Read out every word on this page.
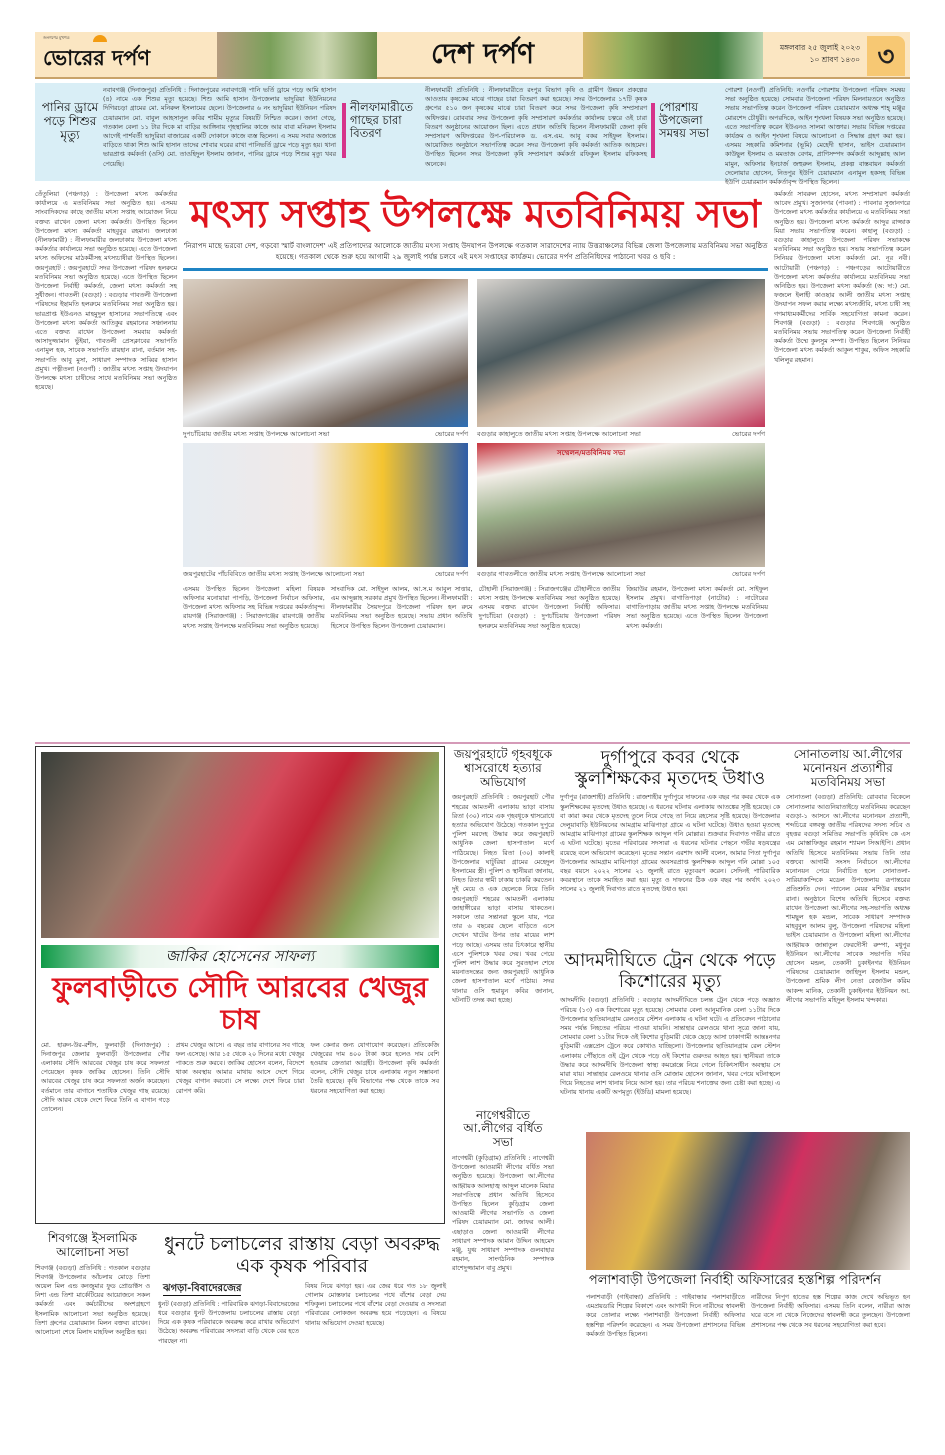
জনগণের মুখপত্র
ভোরের দর্পণ	দেশ দর্পণ	মঙ্গলবার ২৫ জুলাই ২০২৩
১০ শ্রাবণ ১৪৩০ ৩
পানির ড্রামে পড়ে শিশুর মৃত্যু
নবাবগঞ্জ (দিনাজপুর) প্রতিনিধি : দিনাজপুরের নবাবগঞ্জে পানি ভর্তি ড্রামে পড়ে আমি হাসান (৪) নামে এক শিশুর মৃত্যু হয়েছে। শিশু আমি হাসান উপজেলার ভাদুরিয়া ইউনিয়নের দিগিরচড়া গ্রামের মো. মনিরুল ইসলামের ছেলে। উপজেলার ৬ নং ভাদুরিয়া ইউনিয়ন পরিষদ চেয়ারম্যান মো. বাবুল আহসানুল কবির শামীম মৃত্যুর বিষয়টি নিশ্চিত করেন। জানা গেছে, গতকাল বেলা ১১ টার দিকে মা বাড়ির আঙ্গিনায় গৃহস্থালির কাজে আর বাবা মনিরুল ইসলাম আগেই পার্শবর্তী ভাদুরিয়া বাজারের একটি দোকানে কাজে ব্যস্ত ছিলেন। এ সময় সবার অজান্তে বাড়িতে থাকা শিশু আমি হাসান তাদের শোবার ঘরের রাখা পানিভর্তি ড্রামে পড়ে মৃত্যু হয়। থানা ভারপ্রাপ্ত কর্মকর্তা (ওসি) মো. তাওহিদুল ইসলাম জানান, পানির ড্রামে পড়ে শিশুর মৃত্যু খবর পেয়েছি।
নীলফামারীতে গাছের চারা বিতরণ
নীলফামারী প্রতিনিধি : নীলফামারীতে রংপুর বিভাগ কৃষি ও গ্রামীণ উন্নয়ন প্রকল্পের আওতায় কৃষকের মাঝে গাছের চারা বিতরণ করা হয়েছে। সদর উপজেলার ১৭টি কৃষক গ্রুপের ৫১০ জন কৃষকের মাঝে চারা বিতরণ করে সদর উপজেলা কৃষি সম্প্রসারণ অধিদপ্তর। রোববার সদর উপজেলা কৃষি সম্প্রসারণ কর্মকর্তার কার্যালয় চত্বরে ওই চারা বিতরণ অনুষ্ঠানের আয়োজন ছিল। এতে প্রধান অতিথি ছিলেন নীলফামারী জেলা কৃষি সম্প্রসারণ অধিদপ্তরের উপ-পরিচালক ড. এস.এম. আবু বকর সাইফুল ইসলাম। আয়োজিত অনুষ্ঠানে সভাপতিত্ব করেন সদর উপজেলা কৃষি কর্মকর্তা আতিক আহমেদ। উপস্থিত ছিলেন সদর উপজেলা কৃষি সম্প্রসারণ কর্মকর্তা রফিকুল ইসলাম রফিকসহ অনেকে।
পোরশায় উপজেলা সমন্বয় সভা
পোরশা (নওগাঁ) প্রতিনিধি: নওগাঁর পোরশায় উপজেলা পরিষদ সমন্বয় সভা অনুষ্ঠিত হয়েছে। সোমবার উপজেলা পরিষদ মিলনায়তনে অনুষ্ঠিত সভায় সভাপতিত্ব করেন উপজেলা পরিষদ চেয়ারম্যান অধ্যক্ষ শাহ্ মঞ্জুর মোরশেদ চৌধুরী। অপরদিকে, আইন শৃংখলা বিষয়ক সভা অনুষ্ঠিত হয়েছে। এতে সভাপতিত্ব করেন ইউএনও সালমা আক্তার। সভায় বিভিন্ন দপ্তরের কার্যক্রম ও আইন শৃংখলা বিষয়ে আলোচনা ও সিদ্ধান্ত গ্রহণ করা হয়। এসময় সহকারি কমিশনার (ভূমি) মেহেদী হাসান, ভাইস চেয়ারম্যান কাউছুল ইসলাম ও মমতাজ বেগম, প্রাণিসম্পদ কর্মকর্তা আব্দুল্লাহ আল মামুন, অফিসার ইনচার্জ জহুরুল ইসলাম, প্রকল্প বাস্তবায়ন কর্মকর্তা দেলোয়ার হোসেন, নিতপুর ইউপি চেয়ারম্যান এনামুল হকসহ বিভিন্ন ইউপি চেয়ারম্যান কর্মকর্তাবৃন্দ উপস্থিত ছিলেন।
তেঁতুলিয়া (পঞ্চগড়) : উপজেলা মৎস্য কর্মকর্তার কার্যালয়ে এ মতবিনিময় সভা অনুষ্ঠিত হয়। এসময় সাংবাদিকদের কাছে জাতীয় মৎস্য সপ্তাহ আয়োজন নিয়ে বক্তব্য রাখেন জেলা মৎস্য কর্মকর্তা। উপস্থিত ছিলেন উপজেলা মৎস্য কর্মকর্তা মাহবুবুর রহমান। জলঢাকা (নীলফামারী) : নীলফামারীর জলঢাকায় উপজেলা মৎস্য কর্মকর্তার কার্যালয়ে সভা অনুষ্ঠিত হয়েছে। এতে উপজেলা মৎস্য অফিসের মাঠকর্মীসহ মৎস্যচাষীরা উপস্থিত ছিলেন। জয়পুরহাট : জয়পুরহাটে সদর উপজেলা পরিষদ হলরুমে মতবিনিময় সভা অনুষ্ঠিত হয়েছে। এতে উপস্থিত ছিলেন উপজেলা নির্বাহী কর্মকর্তা, জেলা মৎস্য কর্মকর্তা সহ সুধীজন। গাবতলী (বগুড়া) : বগুড়ার গাবতলী উপজেলা পরিষদের ইছামতি হলরুমে মতবিনিময় সভা অনুষ্ঠিত হয়। ভারপ্রাপ্ত ইউএনও মাহমুদুল হাসানের সভাপতিত্বে এবং উপজেলা মৎস্য কর্মকর্তা আতিকুর রহমানের সঞ্চালনায় এতে বক্তব্য রাখেন উপজেলা সমবায় কর্মকর্তা আসাদুজ্জামান ভুঁইয়া, গাবতলী প্রেসক্লাবের সভাপতি এনামুল হক, সাবেক সভাপতি রায়হান রানা, বর্তমান সহ-সভাপতি আবু মুসা, সাধারণ সম্পাদক সাব্বির হাসান প্রমুখ। পত্নীতলা (নওগাঁ) : জাতীয় মৎস্য সপ্তাহ উদযাপন উপলক্ষে মৎস্য চাষীদের সাথে মতবিনিময় সভা অনুষ্ঠিত হয়েছে।
মৎস্য সপ্তাহ উপলক্ষে মতবিনিময় সভা
'নিরাপদ মাছে ভরবো দেশ, গড়বো স্মার্ট বাংলাদেশ' এই প্রতিপাদ্যের আলোকে জাতীয় মৎস্য সপ্তাহ উদযাপন উপলক্ষে গতকাল সারাদেশের ন্যায় উত্তরাঞ্চলের বিভিন্ন জেলা উপজেলায় মতবিনিময় সভা অনুষ্ঠিত হয়েছে। গতকাল থেকে শুরু হয়ে আগামী ২৯ জুলাই পর্যন্ত চলবে এই মৎস সপ্তাহের কার্যক্রম। ভোরের দর্পণ প্রতিনিধিদের পাঠানো খবর ও ছবি :
দুপচাঁচিয়ায় জাতীয় মৎস্য সপ্তাহ উপলক্ষে আলোচনা সভা	ভোরের দর্পণ বগুড়ার কাহালুতে জাতীয় মৎস্য সপ্তাহ উপলক্ষে আলোচনা সভা	ভোরের দর্পণ
জয়পুরহাটের পাঁচবিবিতে জাতীয় মৎস্য সপ্তাহ উপলক্ষে আলোচনা সভা	ভোরের দর্পণ
সম্মেলন/মতবিনিময় সভা
বগুড়ার গাবতলীতে জাতীয় মৎস্য সপ্তাহ উপলক্ষে আলোচনা সভা	ভোরের দর্পণ
এসময় উপস্থিত ছিলেন উপজেলা মহিলা বিষয়ক অফিসার মনোয়ারা পাপড়ি, উপজেলা নির্বাচন অফিসার, উপজেলা মৎস্য অফিসার সহ বিভিন্ন দপ্তরের কর্মকর্তাবৃন্দ। রায়গঞ্জ (সিরাজগঞ্জ) : সিরাজগঞ্জের রায়গঞ্জে জাতীয় মৎস্য সপ্তাহ উপলক্ষে মতবিনিময় সভা অনুষ্ঠিত হয়েছে।
সাংবাদিক মো. সাইদুল আলম, আ.স.ম আবুল সাত্তার, এম আব্দুল্লাহ সরকার প্রমুখ উপস্থিত ছিলেন। নীলফামারী : নীলফামারীর সৈয়দপুরে উপজেলা পরিষদ হল রুমে মতবিনিময় সভা অনুষ্ঠিত হয়েছে। সভায় প্রধান অতিথি হিসেবে উপস্থিত ছিলেন উপজেলা চেয়ারম্যান।
চৌহালী (সিরাজগঞ্জ) : সিরাজগঞ্জের চৌহালীতে জাতীয় মৎস্য সপ্তাহ উপলক্ষে মতবিনিময় সভা অনুষ্ঠিত হয়েছে। এসময় বক্তব্য রাখেন উপজেলা নির্বাহী অফিসার। দুপচাঁচিয়া (বগুড়া) : দুপচাঁচিয়ায় উপজেলা পরিষদ হলরুমে মতবিনিময় সভা অনুষ্ঠিত হয়েছে।
জিয়াউর রহমান, উপজেলা মৎস্য কর্মকর্তা মো. সাইফুল ইসলাম প্রমুখ। বাগাতিপাড়া (নাটোর) : নাটোরের বাগাতিপাড়ায় জাতীয় মৎস্য সপ্তাহ উপলক্ষে মতবিনিময় সভা অনুষ্ঠিত হয়েছে। এতে উপস্থিত ছিলেন উপজেলা মৎস্য কর্মকর্তা।
কর্মকর্তা সাবরুল হোসেন, মৎস্য সম্প্রসারণ কর্মকর্তা আবেদ প্রমুখ। সুজানগর (পাবনা) : পাবনার সুজানগরে উপজেলা মৎস্য কর্মকর্তার কার্যালয়ে এ মতবিনিময় সভা অনুষ্ঠিত হয়। উপজেলা মৎস্য কর্মকর্তা আব্দুর রাজ্জাক মিয়া সভায় সভাপতিত্ব করেন। কাহালু (বগুড়া) : বগুড়ার কাহালুতে উপজেলা পরিষদ সভাকক্ষে মতবিনিময় সভা অনুষ্ঠিত হয়। সভায় সভাপতিত্ব করেন সিনিয়র উপজেলা মৎস্য কর্মকর্তা মো. নূর নবী। আটোয়ারী (পঞ্চগড়) : পঞ্চগড়ের আটোয়ারীতে উপজেলা মৎস্য কর্মকর্তার কার্যালয়ে মতবিনিময় সভা অনিষ্ঠিত হয়। উপজেলা মৎস্য কর্মকর্তা (অ: দা:) মো. ফজলে ইলাহী কাওছার আলী জাতীয় মৎস্য সপ্তাহ উদযাপন সফল করার লক্ষ্যে মৎস্যজীবি, মৎস্য চাষী সহ গণমাধ্যমকর্মীদের সার্বিক সহযোগিতা কামনা করেন। শিবগঞ্জ (বগুড়া) : বগুড়ার শিবগঞ্জে অনুষ্ঠিত মতবিনিময় সভায় সভাপতিত্ব করেন উপজেলা নির্বাহী কর্মকর্তা উম্মে কুলসুম সম্পা। উপস্থিত ছিলেন সিনিয়র উপজেলা মৎস্য কর্মকর্তা আকুল শাকুর, অফিস সহকারি খলিলুর রহমান।
জাকির হোসেনের সাফল্য
ফুলবাড়ীতে সৌদি আরবের খেজুর চাষ
মো. হারুন-উর-রশীদ, ফুলবাড়ী (দিনাজপুর) : দিনাজপুর জেলার ফুলবাড়ী উপজেলার পৌর এলাকায় সৌদি আরবের খেজুর চাষ করে সফলতা পেয়েছেন কৃষক জাকির হোসেন। তিনি সৌদি আরবের খেজুর চাষ করে সফলতা অর্জন করেছেন। বর্তমানে তার বাগানে শতাধিক খেজুর গাছ রয়েছে। সৌদি আরব থেকে দেশে ফিরে তিনি এ বাগান গড়ে তোলেন।
প্রথম খেজুর আসে। এ বছর তার বাগানের সব গাছে ফল এসেছে। আর ১৫ থেকে ২০ দিনের মধ্যে খেজুর পাকতে শুরু করবে। জাকির হোসেন বলেন, বিদেশে থাকা অবস্থায় আমার মাথায় আসে দেশে গিয়ে খেজুর বাগান করবো। সে লক্ষ্যে দেশে ফিরে চারা রোপণ করি।
ফল কেনার জন্য যোগাযোগ করেছেন। প্রতিকেজি খেজুরের দাম ৪০০ টাকা করে হলেও দাম বেশি হওয়ায় ক্রেতারা আগ্রহী। উপজেলা কৃষি কর্মকর্তা বলেন, সৌদি খেজুর চাষে এলাকায় নতুন সম্ভাবনা তৈরি হয়েছে। কৃষি বিভাগের পক্ষ থেকে তাকে সব ধরনের সহযোগিতা করা হচ্ছে।
জয়পুরহাটে গৃহবধূকে শ্বাসরোধে হত্যার অভিযোগ
জয়পুরহাট প্রতিনিধি : জয়পুরহাট পৌর শহরের আমতলী এলাকায় ভাড়া বাসায় রিতা (৩০) নামে এক গৃহবধূকে শ্বাসরোধে হত্যার অভিযোগ উঠেছে। গতকাল দুপুরে পুলিশ মরদেহ উদ্ধার করে জয়পুরহাট আধুনিক জেলা হাসপাতাল মর্গে পাঠিয়েছে। নিহত রিতা (৩০) কালাই উপজেলার ঘাটুরিয়া গ্রামের মেহেদুল ইসলামের স্ত্রী। পুলিশ ও স্থানীয়রা জানায়, নিহত রিতার স্বামী ঢাকায় চাকরি করতেন। দুই মেয়ে ও এক ছেলেকে নিয়ে তিনি জয়পুরহাট শহরের আমতলী এলাকায় জাহাঙ্গীরের ভাড়া বাসায় থাকতেন। সকালে তার সন্তানরা স্কুলে যায়, পরে তার ৬ বছরের ছেলে বাড়িতে এসে দেখেন খাটের উপর তার মায়ের লাশ পড়ে আছে। এসময় তার চিৎকারে স্থানীয় এসে পুলিশকে খবর দেয়। খবর পেয়ে পুলিশ লাশ উদ্ধার করে সুরতহাল শেষে ময়নাতদন্তের জন্য জয়পুরহাট আধুনিক জেলা হাসপাতাল মর্গে পাঠায়। সদর থানার ওসি হুমায়ুন কবির জানান, ঘটনাটি তদন্ত করা হচ্ছে।
নাগেশ্বরীতে আ.লীগের বর্ধিত সভা
নাগেশ্বরী (কুড়িগ্রাম) প্রতিনিধি : নাগেশ্বরী উপজেলা আওয়ামী লীগের বর্ধিত সভা অনুষ্ঠিত হয়েছে। উপজেলা আ.লীগের আহ্বায়ক আলহাজ্ব আব্দুল মালেক মিয়ার সভাপতিত্বে প্রধান অতিথি হিসেবে উপস্থিত ছিলেন কুড়িগ্রাম জেলা আওয়ামী লীগের সভাপতি ও জেলা পরিষদ চেয়ারম্যান মো. জাফর আলী। এছাড়াও জেলা আওয়ামী লীগের সাধারণ সম্পাদক আমান উদ্দিন আহমেদ মঞ্জু, যুগ্ম সাধারণ সম্পাদক গুলবাহার রহমান, সাংগঠনিক সম্পাদক রাশেদুজ্জামান বাবু প্রমুখ।
দুর্গাপুরে কবর থেকে স্কুলশিক্ষকের মৃতদেহ উধাও
দুর্গাপুর (রাজশাহী) প্রতিনিধি : রাজশাহীর দুর্গাপুরে দাফনের এক বছর পর কবর থেকে এক স্কুলশিক্ষকের মৃতদেহ উধাও হয়েছে। এ ধরনের ঘটনায় এলাকায় আতঙ্কের সৃষ্টি হয়েছে। কে বা কারা কবর থেকে মৃতদেহ তুলে নিয়ে গেছে তা নিয়ে রহস্যের সৃষ্টি হয়েছে। উপজেলার দেলুয়াবাড়ি ইউনিয়নের আমগ্রাম মাঝিপাড়া গ্রামে এ ঘটনা ঘটেছে। উধাও হওয়া মৃতদেহ আমগ্রাম মাঝিপাড়া গ্রামের স্কুলশিক্ষক আব্দুল গনি মোল্লার। শুক্রবার দিবাগত গভীর রাতে এ ঘটনা ঘটেছে। মৃতের পরিবারের সদস্যরা এ ধরনের ঘটনার পেছনে গভীর ষড়যন্ত্রের রয়েছে বলে অভিযোগ করেছেন। মৃতের সন্তান এরশাদ আলী বলেন, আমার পিতা দুর্গাপুর উপজেলার আমগ্রাম মাঝিপাড়া গ্রামের অবসরপ্রাপ্ত স্কুলশিক্ষক আব্দুল গনি মোল্লা ১০৫ বছর বয়সে ২০২২ সালের ২১ জুলাই রাতে মৃত্যুবরণ করেন। সেদিনই পারিবারিক কবরস্থানে তাকে সমাহিত করা হয়। মৃত্যু ও দাফনের ঠিক এক বছর পর অর্থাৎ ২০২৩ সালের ২১ জুলাই দিবাগত রাতে মৃতদেহ উধাও হয়।
আদমদীঘিতে ট্রেন থেকে পড়ে কিশোরের মৃত্যু
আদমদীঘি (বগুড়া) প্রতিনিধি : বগুড়ার আদমদীঘিতে চলন্ত ট্রেন থেকে পড়ে অজ্ঞাত পরিচয় (১৩) এক কিশোরের মৃত্যু হয়েছে। সোমবার বেলা আনুমানিক বেলা ১১টার দিকে উপজেলার ছাতিয়ানগ্রাম রেলওয়ে স্টেশন এলাকায় এ ঘটনা ঘটে। এ প্রতিবেদন পাঠানোর সময় পর্যন্ত নিহতের পরিচয় পাওয়া যায়নি। সান্তাহার রেলওয়ে থানা সূত্রে জানা যায়, সোমবার বেলা ১১টার দিকে ওই কিশোর বুড়িমারী থেকে ছেড়ে আসা ঢাকাগামী আন্তঃনগর বুড়িমারী এক্সপ্রেস ট্রেনে করে কোথাও যাচ্ছিলো। উপজেলার ছাতিয়ানগ্রাম রেল স্টেশন এলাকায় পৌঁছাতে ওই ট্রেন থেকে পড়ে ওই কিশোর গুরুতর আহত হয়। স্থানীয়রা তাকে উদ্ধার করে আদমদীঘি উপজেলা স্বাস্থ্য কমপ্লেক্সে নিয়ে গেলে চিকিৎসাধীন অবস্থায় সে মারা যায়। সান্তাহার রেলওয়ে থানার ওসি মোজাম হোসেন জানান, খবর পেয়ে ঘটনাস্থলে গিয়ে নিহতের লাশ থানায় নিয়ে আসা হয়। তার পরিচয় শনাক্তের জন্য চেষ্টা করা হচ্ছে। এ ঘটনায় থানায় একটি অপমৃত্যু (ইউডি) মামলা হয়েছে।
সোনাতলায় আ.লীগের মনোনয়ন প্রত্যাশীর মতবিনিময় সভা
সোনাতলা (বগুড়া) প্রতিনিধি: রোববার বিকেলে সোনাতলার আগুনিয়াতাইড়ে মতবিনিময় করেছেন বগুড়া-১ আসনে আ.লীগের মনোনয়ন প্রত্যাশী, শব্দচিত্রে বঙ্গবন্ধু জাতীয় পরিষদের সদস্য সচিব ও বৃহত্তর বগুড়া সমিতির সভাপতি কৃষিবিদ কে এস এম মোস্তাফিজুর রহমান শ্যামল সিআইপি। প্রধান অতিথি হিসেবে মতবিনিময় সভায় তিনি তার বক্তব্যে আগামী সংসদ নির্বাচনে আ.লীগের মনোনয়ন পেয়ে নির্বাচিত হলে সোনাতলা-সারিয়াকান্দিকে মডেল উপজেলায় রূপান্তরের প্রতিশ্রুতি দেন। প্যানেল মেয়র মশিউর রহমান রানা। অনুষ্ঠানে বিশেষ অতিথি হিসেবে বক্তব্য রাখেন উপজেলা আ.লীগের সহ-সভাপতি অধ্যক্ষ শামছুল হক মন্ডল, সাবেক সাধারণ সম্পাদক মাহবুবুল আলম বুলু, উপজেলা পরিষদের মহিলা ভাইস চেয়ারম্যান ও উপজেলা মহিলা আ.লীগের আহ্বায়ক জান্নাতুল ফেরদৌসী রুম্পা, মধুপুর ইউনিয়ন আ.লীগের সাবেক সভাপতি দবির হোসেন মন্ডল, তেকানী চুকাইনগর ইউনিয়ন পরিষদের চেয়ারম্যান জাহিদুল ইসলাম মন্ডল, উপজেলা শ্রমিক লীগ নেতা রেজাউল করিম আকন্দ মানিক, তেকানী চুকাইনগর ইউনিয়ন আ. লীগের সভাপতি মহিদুল ইসলাম খন্দকার।
পলাশবাড়ী উপজেলা নির্বাহী অফিসারের হস্তশিল্প পরিদর্শন
পলাশবাড়ী (গাইবান্ধা) প্রতিনিধি : গাইবান্ধার পলাশবাড়ীতে এমপ্রয়ডারি শিল্পের বিকাশে এবং আগামী দিনে নারীদের স্বাবলম্বী করে তোলার লক্ষ্যে পলাশবাড়ী উপজেলা নির্বাহী অফিসার হস্তশিল্প পরিদর্শন করেছেন। এ সময় উপজেলা প্রশাসনের বিভিন্ন কর্মকর্তা উপস্থিত ছিলেন।
নারীদের নিপুণ হাতের হস্ত শিল্পের কাজ দেখে অভিভূত হন উপজেলা নির্বাহী অফিসার। এসময় তিনি বলেন, নারীরা আজ ঘরে বসে না থেকে নিজেদের স্বাবলম্বী করে তুলছেন। উপজেলা প্রশাসনের পক্ষ থেকে সব ধরনের সহযোগিতা করা হবে।
শিবগঞ্জে ইসলামিক আলোচনা সভা
শিবগঞ্জ (বগুড়া) প্রতিনিধি : গতকাল বগুড়ার শিবগঞ্জ উপজেলার আঁচলায় মোড়ে তিশা অয়েল মিল এন্ড কনজুমার ফুড প্রোডাক্টস ও নিশা এন্ড তিশা মার্কেটিয়ের আয়োজনে সকল কর্মকর্তা এবং কর্মচারীদের অংশগ্রহণে ইসলামিক আলোচনা সভা অনুষ্ঠিত হয়েছে। তিশা গ্রুপের চেয়ারম্যান মিলন বক্তব্য রাখেন। আলোচনা শেষে মিলাদ মাহফিল অনুষ্ঠিত হয়।
ধুনটে চলাচলের রাস্তায় বেড়া অবরুদ্ধ এক কৃষক পরিবার
ঝগড়া-বিবাদেরজের
ধুনট (বগুড়া) প্রতিনিধি : পারিবারিক ঝগড়া-বিবাদেরজের ধরে বগুড়ার ধুনট উপজেলায় চলাচলের রাস্তায় বেড়া দিয়ে এক কৃষক পরিবারকে অবরুদ্ধ করে রাখার অভিযোগ উঠেছে। অবরুদ্ধ পরিবারের সদস্যরা বাড়ি থেকে বের হতে পারছেন না।
বিষয় নিয়ে ঝগড়া হয়। এর জের ধরে গত ১৮ জুলাই গোলাম মোস্তফার চলাচলের পথে বাঁশের বেড়া দেয় শফিকুল। চলাচলের পথে বাঁশের বেড়া দেওয়ায় ও সদস্যরা পরিবারের লোকজন অবরুদ্ধ হয়ে পড়েছেন। এ বিষয়ে থানায় অভিযোগ দেওয়া হয়েছে।
